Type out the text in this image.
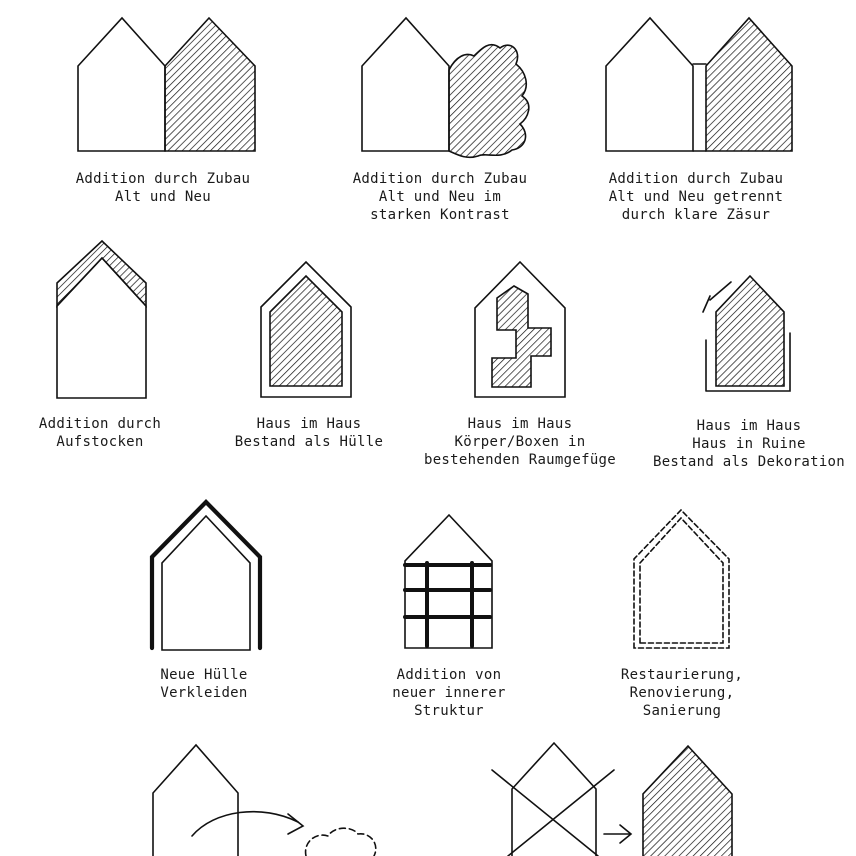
Addition durch Zubau
Alt und Neu
Addition durch Zubau
Alt und Neu im
starken Kontrast
Addition durch Zubau
Alt und Neu getrennt
durch klare Zäsur
Addition durch
Aufstocken
Haus im Haus
Bestand als Hülle
Haus im Haus
Körper/Boxen in
bestehenden Raumgefüge
Haus im Haus
Haus in Ruine
Bestand als Dekoration
Neue Hülle
Verkleiden
Addition von
neuer innerer
Struktur
Restaurierung,
Renovierung,
Sanierung
